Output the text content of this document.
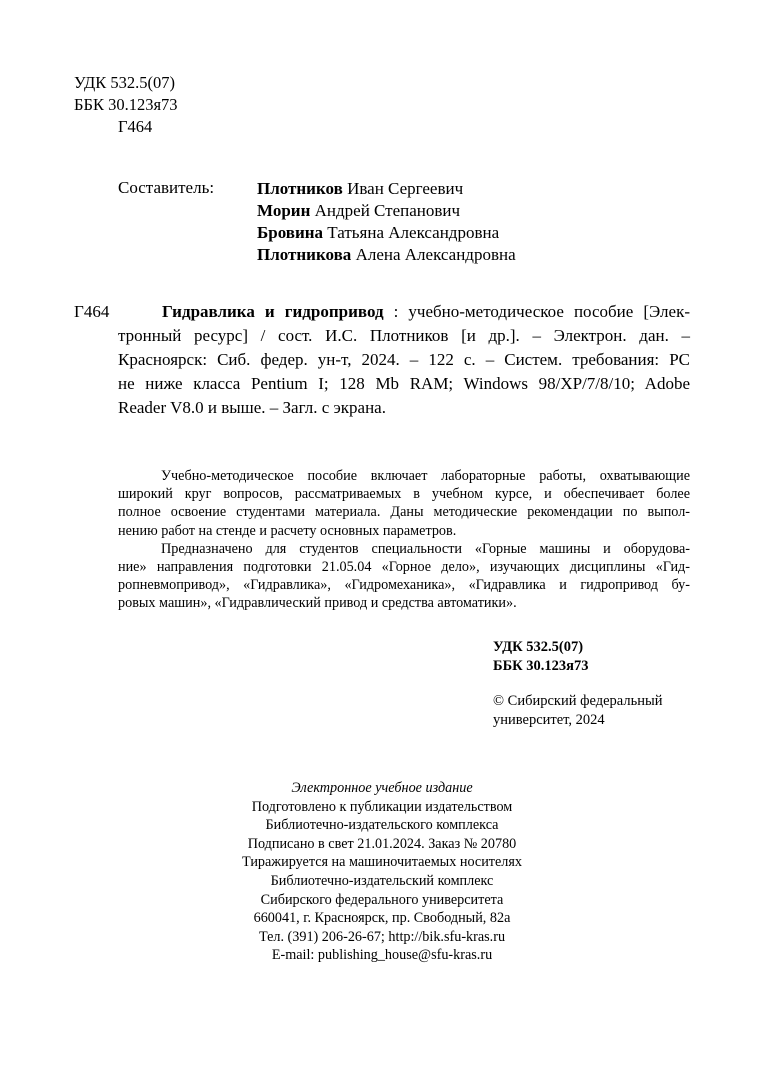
УДК 532.5(07)
ББК 30.123я73
Г464
Составитель:	Плотников Иван Сергеевич
Морин Андрей Степанович
Бровина Татьяна Александровна
Плотникова Алена Александровна
Г464	Гидравлика и гидропривод : учебно-методическое пособие [Элек-
тронный ресурс] / сост. И.С. Плотников [и др.]. – Электрон. дан. –
Красноярск: Сиб. федер. ун-т, 2024. – 122 с. – Систем. требования: PC
не ниже класса Pentium I; 128 Mb RAM; Windows 98/XP/7/8/10; Adobe
Reader V8.0 и выше. – Загл. с экрана.
Учебно-методическое пособие включает лабораторные работы, охватывающие
широкий круг вопросов, рассматриваемых в учебном курсе, и обеспечивает более
полное освоение студентами материала. Даны методические рекомендации по выпол-
нению работ на стенде и расчету основных параметров.
Предназначено для студентов специальности «Горные машины и оборудова-
ние» направления подготовки 21.05.04 «Горное дело», изучающих дисциплины «Гид-
ропневмопривод», «Гидравлика», «Гидромеханика», «Гидравлика и гидропривод бу-
ровых машин», «Гидравлический привод и средства автоматики».
УДК 532.5(07)
ББК 30.123я73
© Сибирский федеральный
университет, 2024
Электронное учебное издание
Подготовлено к публикации издательством
Библиотечно-издательского комплекса
Подписано в свет 21.01.2024. Заказ № 20780
Тиражируется на машиночитаемых носителях
Библиотечно-издательский комплекс
Сибирского федерального университета
660041, г. Красноярск, пр. Свободный, 82а
Тел. (391) 206-26-67; http://bik.sfu-kras.ru
E-mail: publishing_house@sfu-kras.ru
